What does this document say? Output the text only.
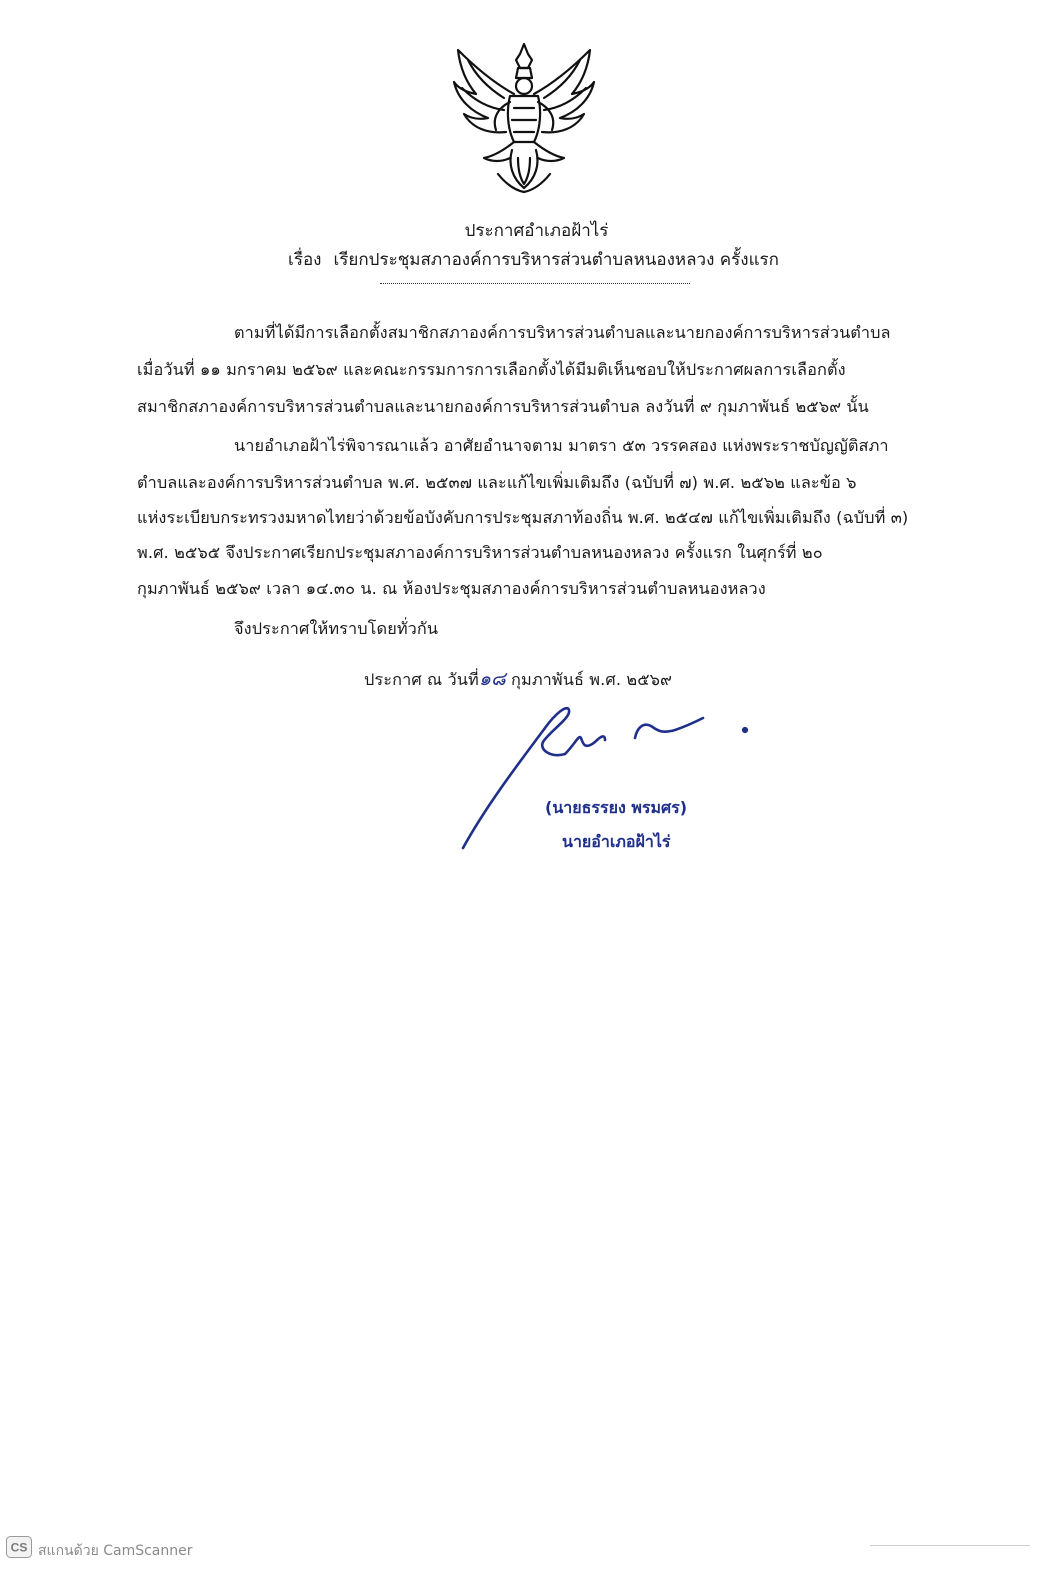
ประกาศอำเภอฝ้าไร่
เรื่อง เรียกประชุมสภาองค์การบริหารส่วนตำบลหนองหลวง ครั้งแรก
ตามที่ได้มีการเลือกตั้งสมาชิกสภาองค์การบริหารส่วนตำบลและนายกองค์การบริหารส่วนตำบล
เมื่อวันที่ ๑๑ มกราคม ๒๕๖๙ และคณะกรรมการการเลือกตั้งได้มีมติเห็นชอบให้ประกาศผลการเลือกตั้ง
สมาชิกสภาองค์การบริหารส่วนตำบลและนายกองค์การบริหารส่วนตำบล ลงวันที่ ๙ กุมภาพันธ์ ๒๕๖๙ นั้น
นายอำเภอฝ้าไร่พิจารณาแล้ว อาศัยอำนาจตาม มาตรา ๕๓ วรรคสอง แห่งพระราชบัญญัติสภา
ตำบลและองค์การบริหารส่วนตำบล พ.ศ. ๒๕๓๗ และแก้ไขเพิ่มเติมถึง (ฉบับที่ ๗) พ.ศ. ๒๕๖๒ และข้อ ๖
แห่งระเบียบกระทรวงมหาดไทยว่าด้วยข้อบังคับการประชุมสภาท้องถิ่น พ.ศ. ๒๕๔๗ แก้ไขเพิ่มเติมถึง (ฉบับที่ ๓)
พ.ศ. ๒๕๖๕ จึงประกาศเรียกประชุมสภาองค์การบริหารส่วนตำบลหนองหลวง ครั้งแรก ในศุกร์ที่ ๒๐
กุมภาพันธ์ ๒๕๖๙ เวลา ๑๔.๓๐ น. ณ ห้องประชุมสภาองค์การบริหารส่วนตำบลหนองหลวง
จึงประกาศให้ทราบโดยทั่วกัน
ประกาศ ณ วันที่๑๘ กุมภาพันธ์ พ.ศ. ๒๕๖๙
(นายธรรยง พรมศร)
นายอำเภอฝ้าไร่
CS สแกนด้วย CamScanner
